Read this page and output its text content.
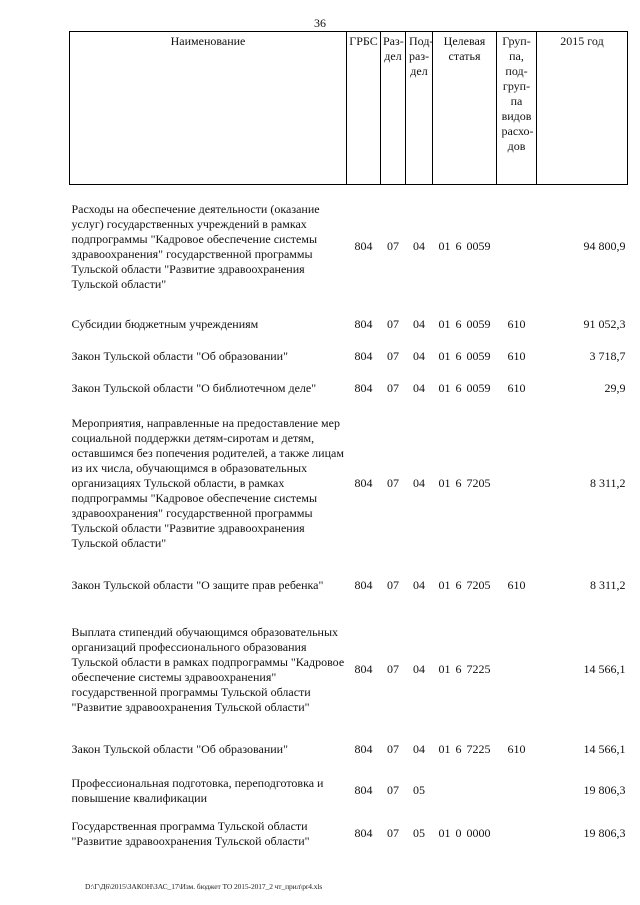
36
Наименование	ГРБС	Раз-дел	Под-раз-дел	Целевая статья	Груп-па, под-груп-па видов расхо-дов	2015 год
Расходы на обеспечение деятельности (оказание услуг) государственных учреждений в рамках подпрограммы "Кадровое обеспечение системы здравоохранения" государственной программы Тульской области "Развитие здравоохранения Тульской области"	804	07	04	01 6 0059		94 800,9
Субсидии бюджетным учреждениям	804	07	04	01 6 0059	610	91 052,3
Закон Тульской области "Об образовании"	804	07	04	01 6 0059	610	3 718,7
Закон Тульской области "О библиотечном деле"	804	07	04	01 6 0059	610	29,9
Мероприятия, направленные на предоставление мер социальной поддержки детям-сиротам и детям, оставшимся без попечения родителей, а также лицам из их числа, обучающимся в образовательных организациях Тульской области, в рамках подпрограммы "Кадровое обеспечение системы здравоохранения" государственной программы Тульской области "Развитие здравоохранения Тульской области"	804	07	04	01 6 7205		8 311,2
Закон Тульской области "О защите прав ребенка"	804	07	04	01 6 7205	610	8 311,2
Выплата стипендий обучающимся образовательных организаций профессионального образования Тульской области в рамках подпрограммы "Кадровое обеспечение системы здравоохранения" государственной программы Тульской области "Развитие здравоохранения Тульской области"	804	07	04	01 6 7225		14 566,1
Закон Тульской области "Об образовании"	804	07	04	01 6 7225	610	14 566,1
Профессиональная подготовка, переподготовка и повышение квалификации	804	07	05			19 806,3
Государственная программа Тульской области "Развитие здравоохранения Тульской области"	804	07	05	01 0 0000		19 806,3
D:\Г\Д6\2015\ЗАКОН\ЗАС_17\Изм. бюджет ТО 2015-2017_2 чт_прил\pr4.xls
